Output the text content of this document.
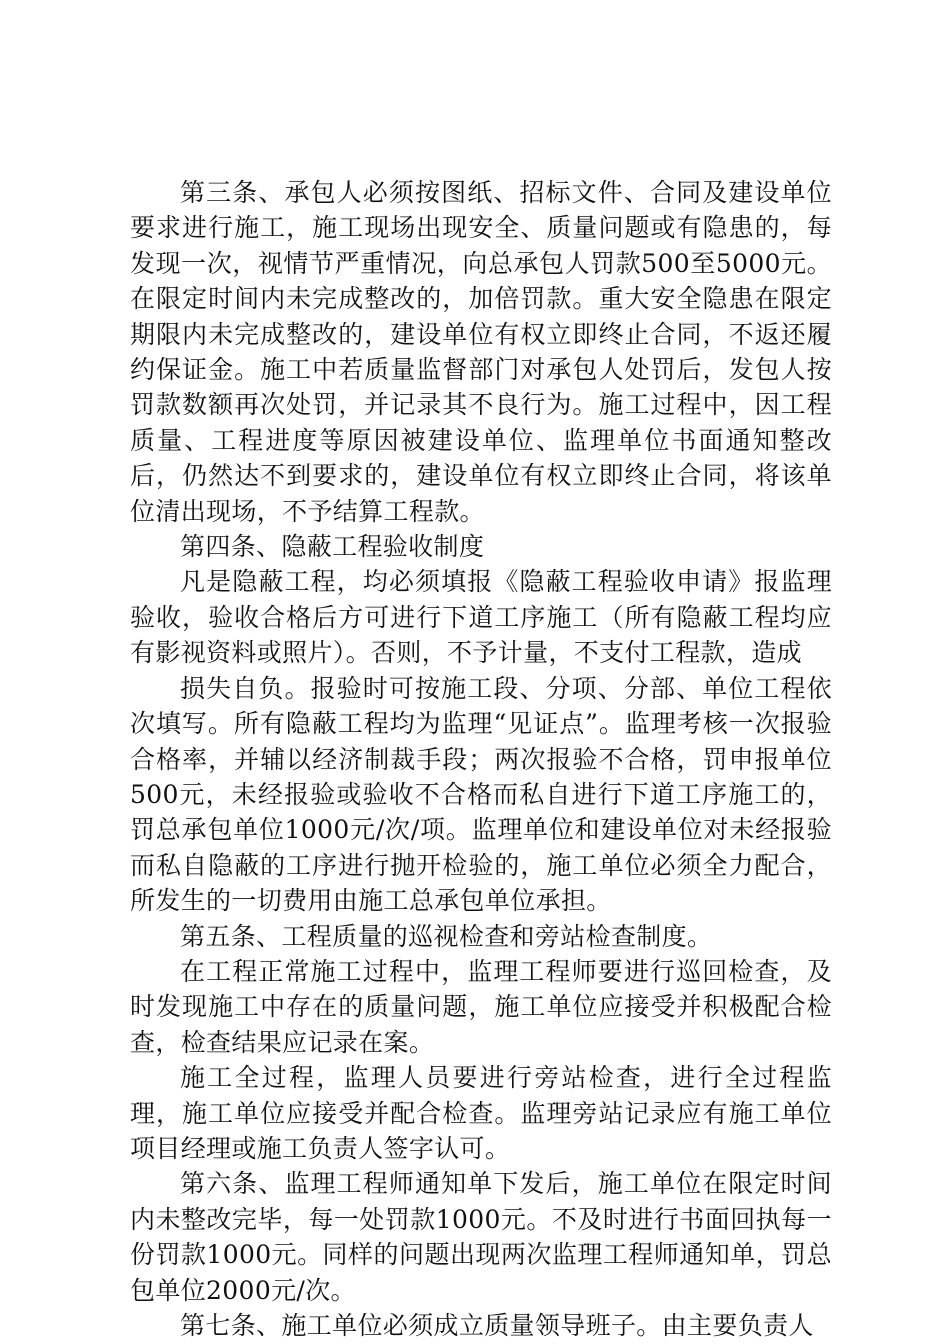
第三条、承包人必须按图纸、招标文件、合同及建设单位要求进行施工，施工现场出现安全、质量问题或有隐患的，每发现一次，视情节严重情况，向总承包人罚款500至5000元。在限定时间内未完成整改的，加倍罚款。重大安全隐患在限定期限内未完成整改的，建设单位有权立即终止合同，不返还履约保证金。施工中若质量监督部门对承包人处罚后，发包人按罚款数额再次处罚，并记录其不良行为。施工过程中，因工程质量、工程进度等原因被建设单位、监理单位书面通知整改后，仍然达不到要求的，建设单位有权立即终止合同，将该单位清出现场，不予结算工程款。

第四条、隐蔽工程验收制度

凡是隐蔽工程，均必须填报《隐蔽工程验收申请》报监理验收，验收合格后方可进行下道工序施工（所有隐蔽工程均应有影视资料或照片）。否则，不予计量，不支付工程款，造成

损失自负。报验时可按施工段、分项、分部、单位工程依次填写。所有隐蔽工程均为监理“见证点”。监理考核一次报验合格率，并辅以经济制裁手段；两次报验不合格，罚申报单位500元，未经报验或验收不合格而私自进行下道工序施工的，罚总承包单位1000元/次/项。监理单位和建设单位对未经报验而私自隐蔽的工序进行抛开检验的，施工单位必须全力配合，所发生的一切费用由施工总承包单位承担。

第五条、工程质量的巡视检查和旁站检查制度。

在工程正常施工过程中，监理工程师要进行巡回检查，及时发现施工中存在的质量问题，施工单位应接受并积极配合检查，检查结果应记录在案。

施工全过程，监理人员要进行旁站检查，进行全过程监理，施工单位应接受并配合检查。监理旁站记录应有施工单位项目经理或施工负责人签字认可。

第六条、监理工程师通知单下发后，施工单位在限定时间内未整改完毕，每一处罚款1000元。不及时进行书面回执每一份罚款1000元。同样的问题出现两次监理工程师通知单，罚总包单位2000元/次。

第七条、施工单位必须成立质量领导班子。由主要负责人
